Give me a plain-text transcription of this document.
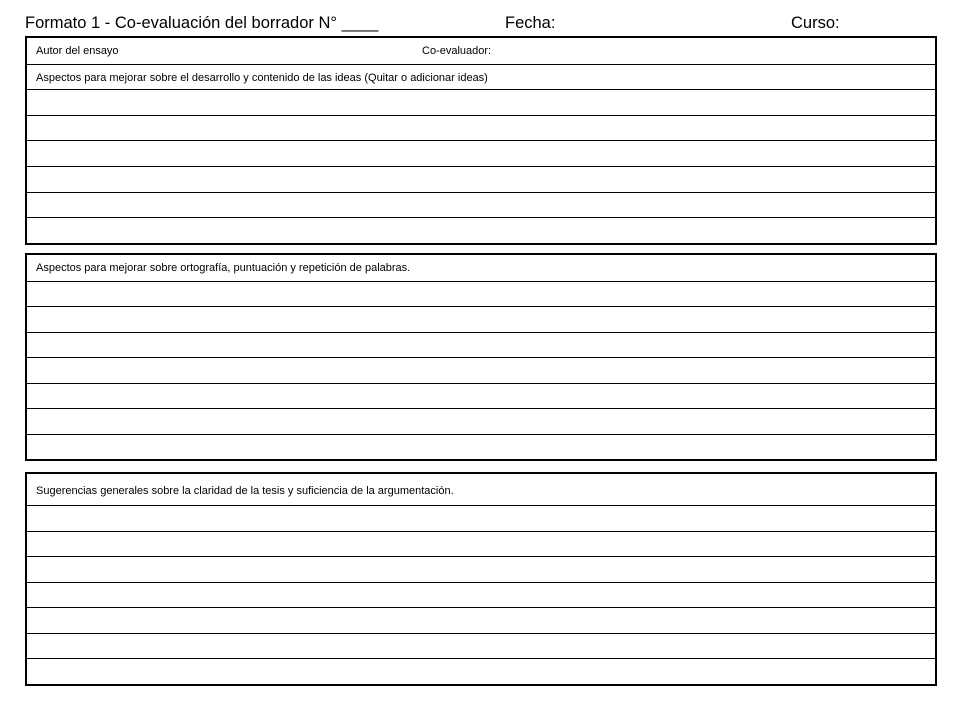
Formato 1 - Co-evaluación del borrador N° ____	Fecha:	Curso:
Autor del ensayo	Co-evaluador:
Aspectos para mejorar sobre el desarrollo y contenido de las ideas (Quitar o adicionar ideas)
Aspectos para mejorar sobre ortografía, puntuación y repetición de palabras.
Sugerencias generales sobre la claridad de la tesis y suficiencia de la argumentación.
